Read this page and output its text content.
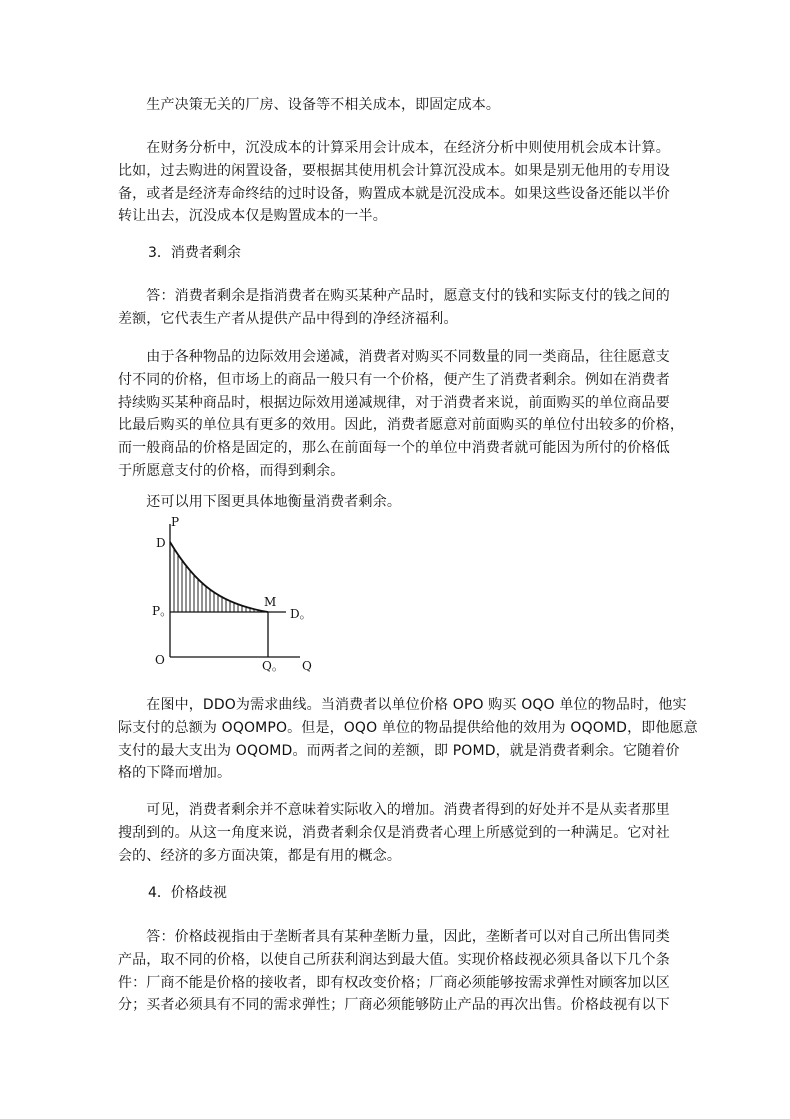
　　生产决策无关的厂房、设备等不相关成本，即固定成本。

　　在财务分析中，沉没成本的计算采用会计成本，在经济分析中则使用机会成本计算。
比如，过去购进的闲置设备，要根据其使用机会计算沉没成本。如果是别无他用的专用设
备，或者是经济寿命终结的过时设备，购置成本就是沉没成本。如果这些设备还能以半价
转让出去，沉没成本仅是购置成本的一半。

3．消费者剩余

　　答：消费者剩余是指消费者在购买某种产品时，愿意支付的钱和实际支付的钱之间的
差额，它代表生产者从提供产品中得到的净经济福利。

　　由于各种物品的边际效用会递减，消费者对购买不同数量的同一类商品，往往愿意支
付不同的价格，但市场上的商品一般只有一个价格，便产生了消费者剩余。例如在消费者
持续购买某种商品时，根据边际效用递减规律，对于消费者来说，前面购买的单位商品要
比最后购买的单位具有更多的效用。因此，消费者愿意对前面购买的单位付出较多的价格，
而一般商品的价格是固定的，那么在前面每一个的单位中消费者就可能因为所付的价格低
于所愿意支付的价格，而得到剩余。

　　还可以用下图更具体地衡量消费者剩余。

P
D
M
P。	D。
O	Q。 Q

　　在图中，DDO为需求曲线。当消费者以单位价格 OPO 购买 OQO 单位的物品时，他实
际支付的总额为 OQOMPO。但是，OQO 单位的物品提供给他的效用为 OQOMD，即他愿意
支付的最大支出为 OQOMD。而两者之间的差额，即 POMD，就是消费者剩余。它随着价
格的下降而增加。

　　可见，消费者剩余并不意味着实际收入的增加。消费者得到的好处并不是从卖者那里
搜刮到的。从这一角度来说，消费者剩余仅是消费者心理上所感觉到的一种满足。它对社
会的、经济的多方面决策，都是有用的概念。

4．价格歧视

　　答：价格歧视指由于垄断者具有某种垄断力量，因此，垄断者可以对自己所出售同类
产品，取不同的价格，以使自己所获利润达到最大值。实现价格歧视必须具备以下几个条
件：厂商不能是价格的接收者，即有权改变价格；厂商必须能够按需求弹性对顾客加以区
分；买者必须具有不同的需求弹性；厂商必须能够防止产品的再次出售。价格歧视有以下
